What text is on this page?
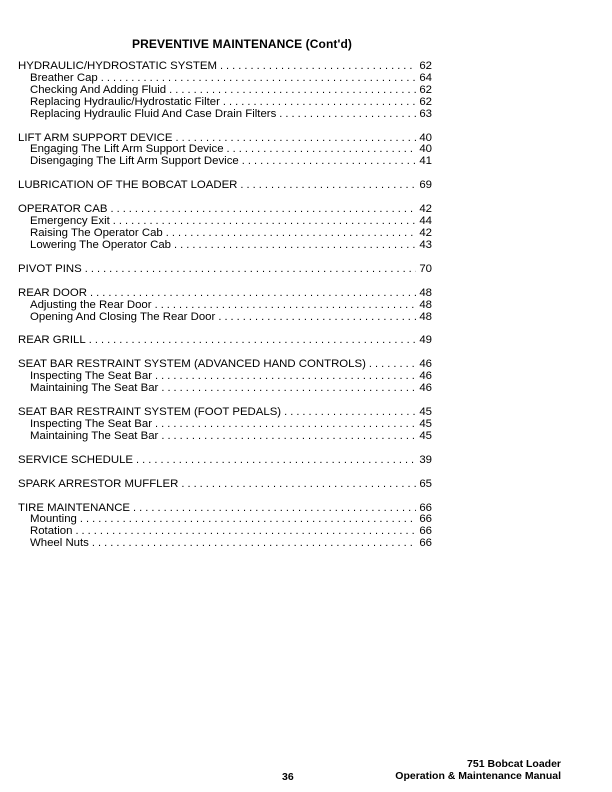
PREVENTIVE MAINTENANCE (Cont'd)
HYDRAULIC/HYDROSTATIC SYSTEM . . .	62
Breather Cap . . .	64
Checking And Adding Fluid . . .	62
Replacing Hydraulic/Hydrostatic Filter . . .	62
Replacing Hydraulic Fluid And Case Drain Filters . . .	63
LIFT ARM SUPPORT DEVICE . . .	40
Engaging The Lift Arm Support Device . . .	40
Disengaging The Lift Arm Support Device . . .	41
LUBRICATION OF THE BOBCAT LOADER . . .	69
OPERATOR CAB . . .	42
Emergency Exit . . .	44
Raising The Operator Cab . . .	42
Lowering The Operator Cab . . .	43
PIVOT PINS . . .	70
REAR DOOR . . .	48
Adjusting the Rear Door . . .	48
Opening And Closing The Rear Door . . .	48
REAR GRILL . . .	49
SEAT BAR RESTRAINT SYSTEM (ADVANCED HAND CONTROLS) . . .	46
Inspecting The Seat Bar . . .	46
Maintaining The Seat Bar . . .	46
SEAT BAR RESTRAINT SYSTEM (FOOT PEDALS) . . .	45
Inspecting The Seat Bar . . .	45
Maintaining The Seat Bar . . .	45
SERVICE SCHEDULE . . .	39
SPARK ARRESTOR MUFFLER . . .	65
TIRE MAINTENANCE . . .	66
Mounting . . .	66
Rotation . . .	66
Wheel Nuts . . .	66
36
751 Bobcat Loader
Operation & Maintenance Manual
